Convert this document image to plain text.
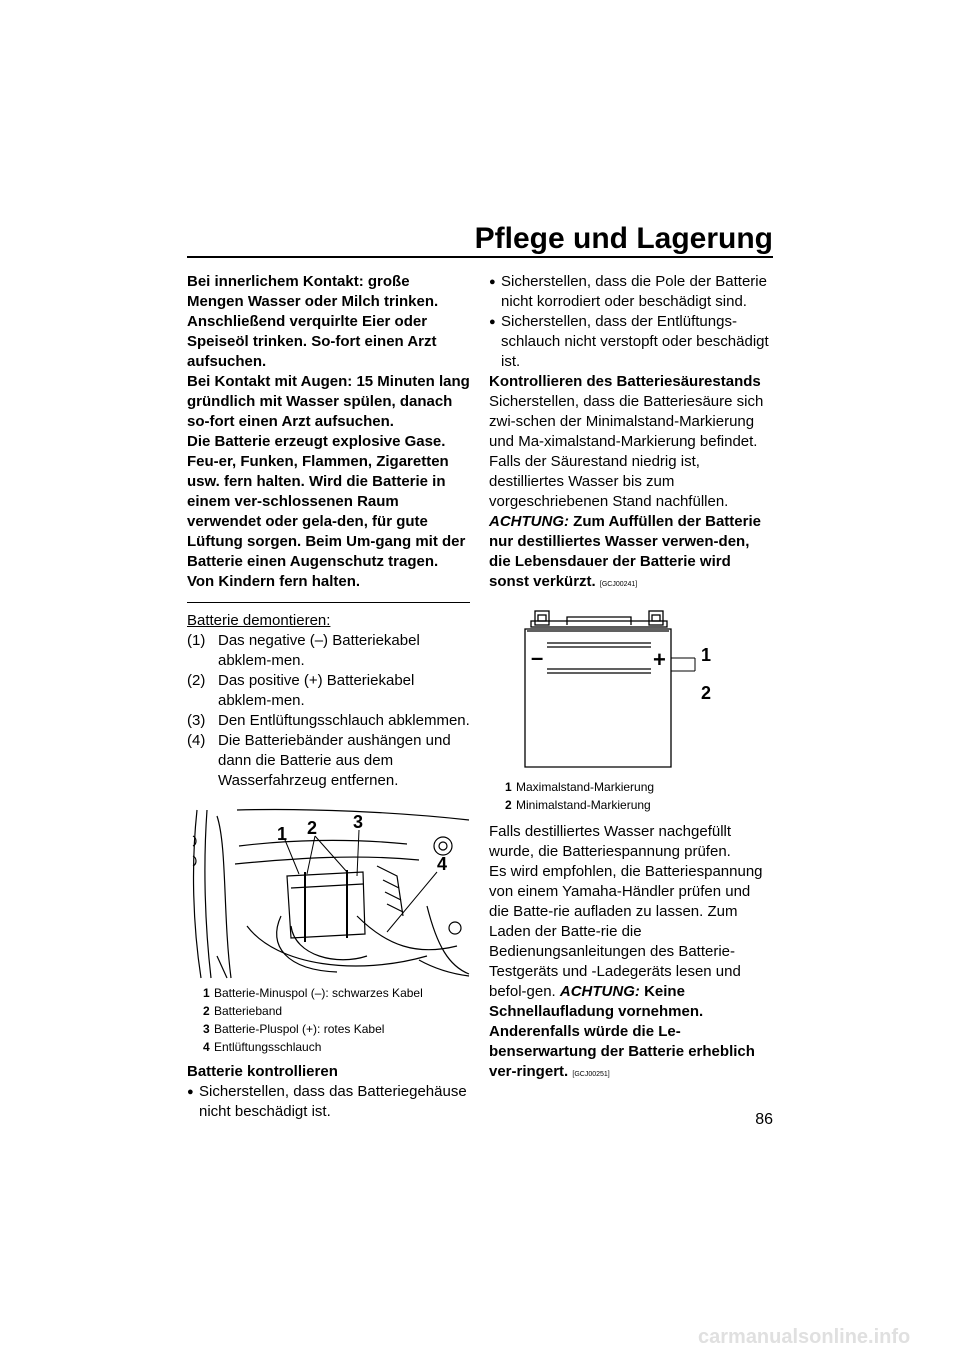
Pflege und Lagerung

Bei innerlichem Kontakt: große Mengen Wasser oder Milch trinken. Anschließend verquirlte Eier oder Speiseöl trinken. So-fort einen Arzt aufsuchen.

Bei Kontakt mit Augen: 15 Minuten lang gründlich mit Wasser spülen, danach so-fort einen Arzt aufsuchen.

Die Batterie erzeugt explosive Gase. Feu-er, Funken, Flammen, Zigaretten usw. fern halten. Wird die Batterie in einem ver-schlossenen Raum verwendet oder gela-den, für gute Lüftung sorgen. Beim Um-gang mit der Batterie einen Augenschutz tragen.

Von Kindern fern halten.

Batterie demontieren:

(1) Das negative (–) Batteriekabel abklem-men.
(2) Das positive (+) Batteriekabel abklem-men.
(3) Den Entlüftungsschlauch abklemmen.
(4) Die Batteriebänder aushängen und dann die Batterie aus dem Wasserfahrzeug entfernen.
1 2 3
4
1 Batterie-Minuspol (–): schwarzes Kabel
2 Batterieband
3 Batterie-Pluspol (+): rotes Kabel
4 Entlüftungsschlauch

Batterie kontrollieren

● Sicherstellen, dass das Batteriegehäuse nicht beschädigt ist.
● Sicherstellen, dass die Pole der Batterie nicht korrodiert oder beschädigt sind.
● Sicherstellen, dass der Entlüftungs-schlauch nicht verstopft oder beschädigt ist.

Kontrollieren des Batteriesäurestands

Sicherstellen, dass die Batteriesäure sich zwi-schen der Minimalstand-Markierung und Ma-ximalstand-Markierung befindet.

Falls der Säurestand niedrig ist, destilliertes Wasser bis zum vorgeschriebenen Stand nachfüllen. ACHTUNG: Zum Auffüllen der Batterie nur destilliertes Wasser verwen-den, die Lebensdauer der Batterie wird sonst verkürzt. [GCJ00241]

–	+ 1
2
1 Maximalstand-Markierung
2 Minimalstand-Markierung

Falls destilliertes Wasser nachgefüllt wurde, die Batteriespannung prüfen.

Es wird empfohlen, die Batteriespannung von einem Yamaha-Händler prüfen und die Batte-rie aufladen zu lassen. Zum Laden der Batte-rie die Bedienungsanleitungen des Batterie-Testgeräts und -Ladegeräts lesen und befol-gen. ACHTUNG: Keine Schnellaufladung vornehmen. Anderenfalls würde die Le-benserwartung der Batterie erheblich ver-ringert. [GCJ00251]

86
carmanualsonline.info
